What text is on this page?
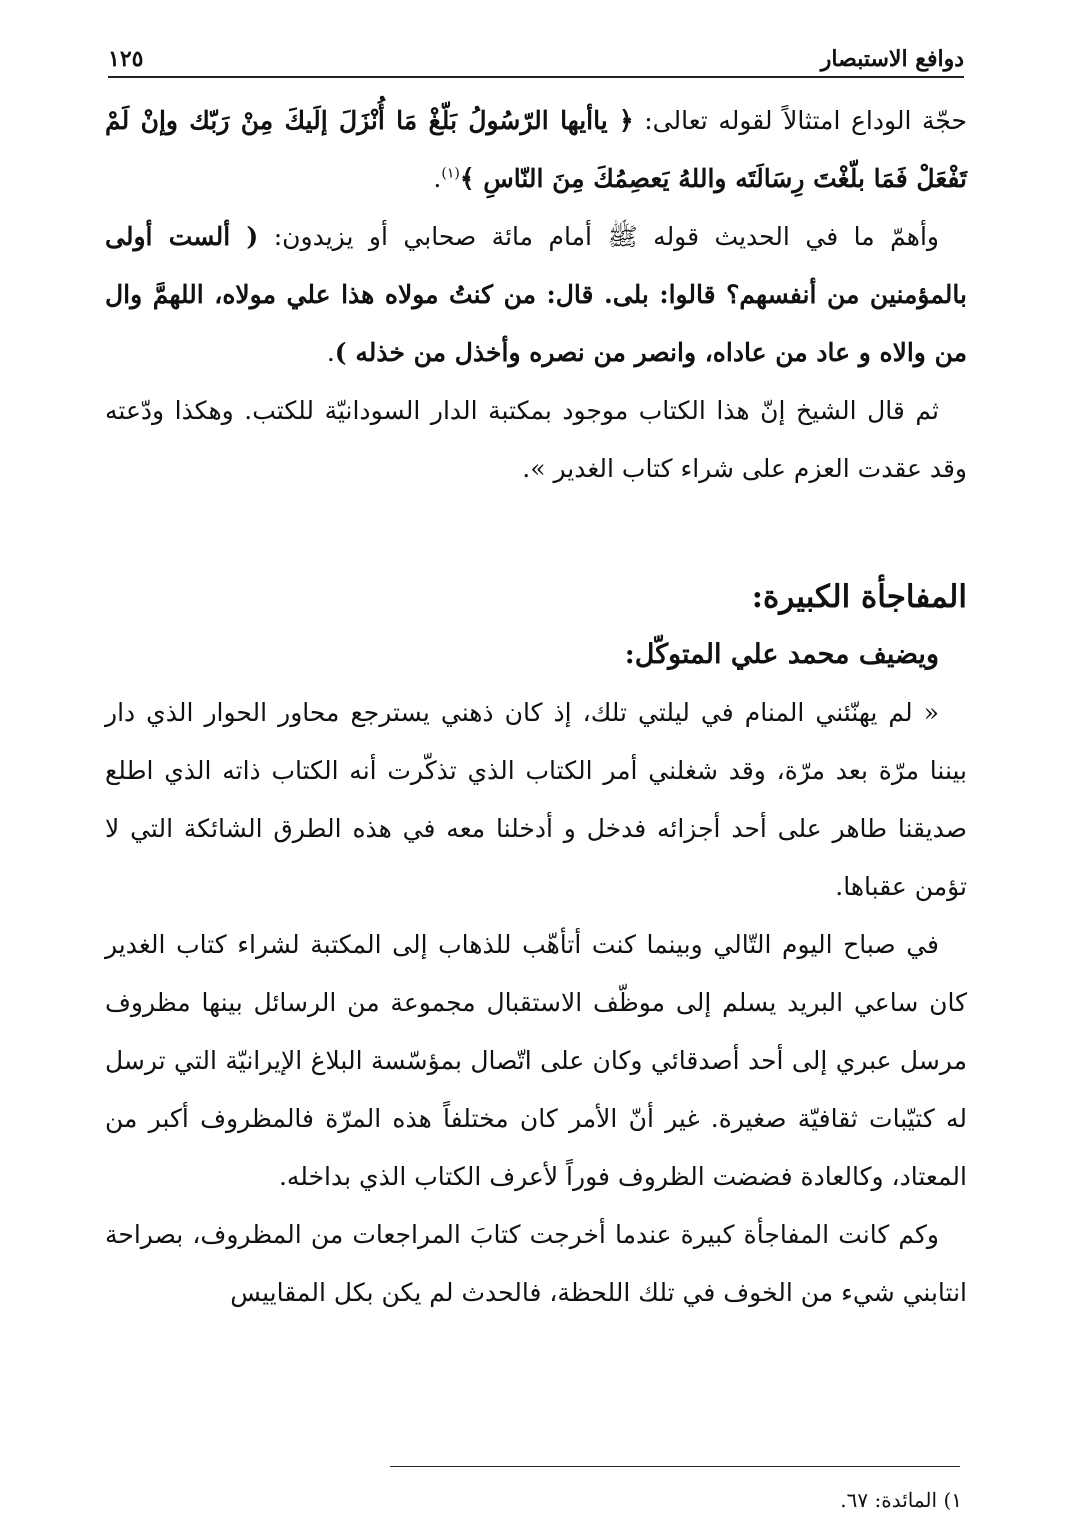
دوافع الاستبصار
١٢٥

حجّة الوداع امتثالاً لقوله تعالى: ﴿ ياأيها الرّسُولُ بَلّغْ مَا أُنْزَلَ إلَيكَ مِنْ رَبّك وإنْ لَمْ تَفْعَلْ فَمَا بلّغْتَ رِسَالَتَه واللهُ يَعصِمُكَ مِنَ النّاسِ ﴾$^{(١)}$.

وأهمّ ما في الحديث قوله ﷺ أمام مائة صحابي أو يزيدون: ( ألست أولى بالمؤمنين من أنفسهم؟ قالوا: بلى. قال: من كنتُ مولاه هذا علي مولاه، اللهمَّ وال من والاه و عاد من عاداه، وانصر من نصره وأخذل من خذله ).

ثم قال الشيخ إنّ هذا الكتاب موجود بمكتبة الدار السودانيّة للكتب. وهكذا ودّعته وقد عقدت العزم على شراء كتاب الغدير ».

المفاجأة الكبيرة:

ويضيف محمد علي المتوكّل:

« لم يهنّئني المنام في ليلتي تلك، إذ كان ذهني يسترجع محاور الحوار الذي دار بيننا مرّة بعد مرّة، وقد شغلني أمر الكتاب الذي تذكّرت أنه الكتاب ذاته الذي اطلع صديقنا طاهر على أحد أجزائه فدخل و أدخلنا معه في هذه الطرق الشائكة التي لا تؤمن عقباها.

في صباح اليوم التّالي وبينما كنت أتأهّب للذهاب إلى المكتبة لشراء كتاب الغدير كان ساعي البريد يسلم إلى موظّف الاستقبال مجموعة من الرسائل بينها مظروف مرسل عبري إلى أحد أصدقائي وكان على اتّصال بمؤسّسة البلاغ الإيرانيّة التي ترسل له كتيّبات ثقافيّة صغيرة. غير أنّ الأمر كان مختلفاً هذه المرّة فالمظروف أكبر من المعتاد، وكالعادة فضضت الظروف فوراً لأعرف الكتاب الذي بداخله.

وكم كانت المفاجأة كبيرة عندما أخرجت كتابَ المراجعات من المظروف، بصراحة انتابني شيء من الخوف في تلك اللحظة، فالحدث لم يكن بكل المقاييس

١) المائدة: ٦٧.
